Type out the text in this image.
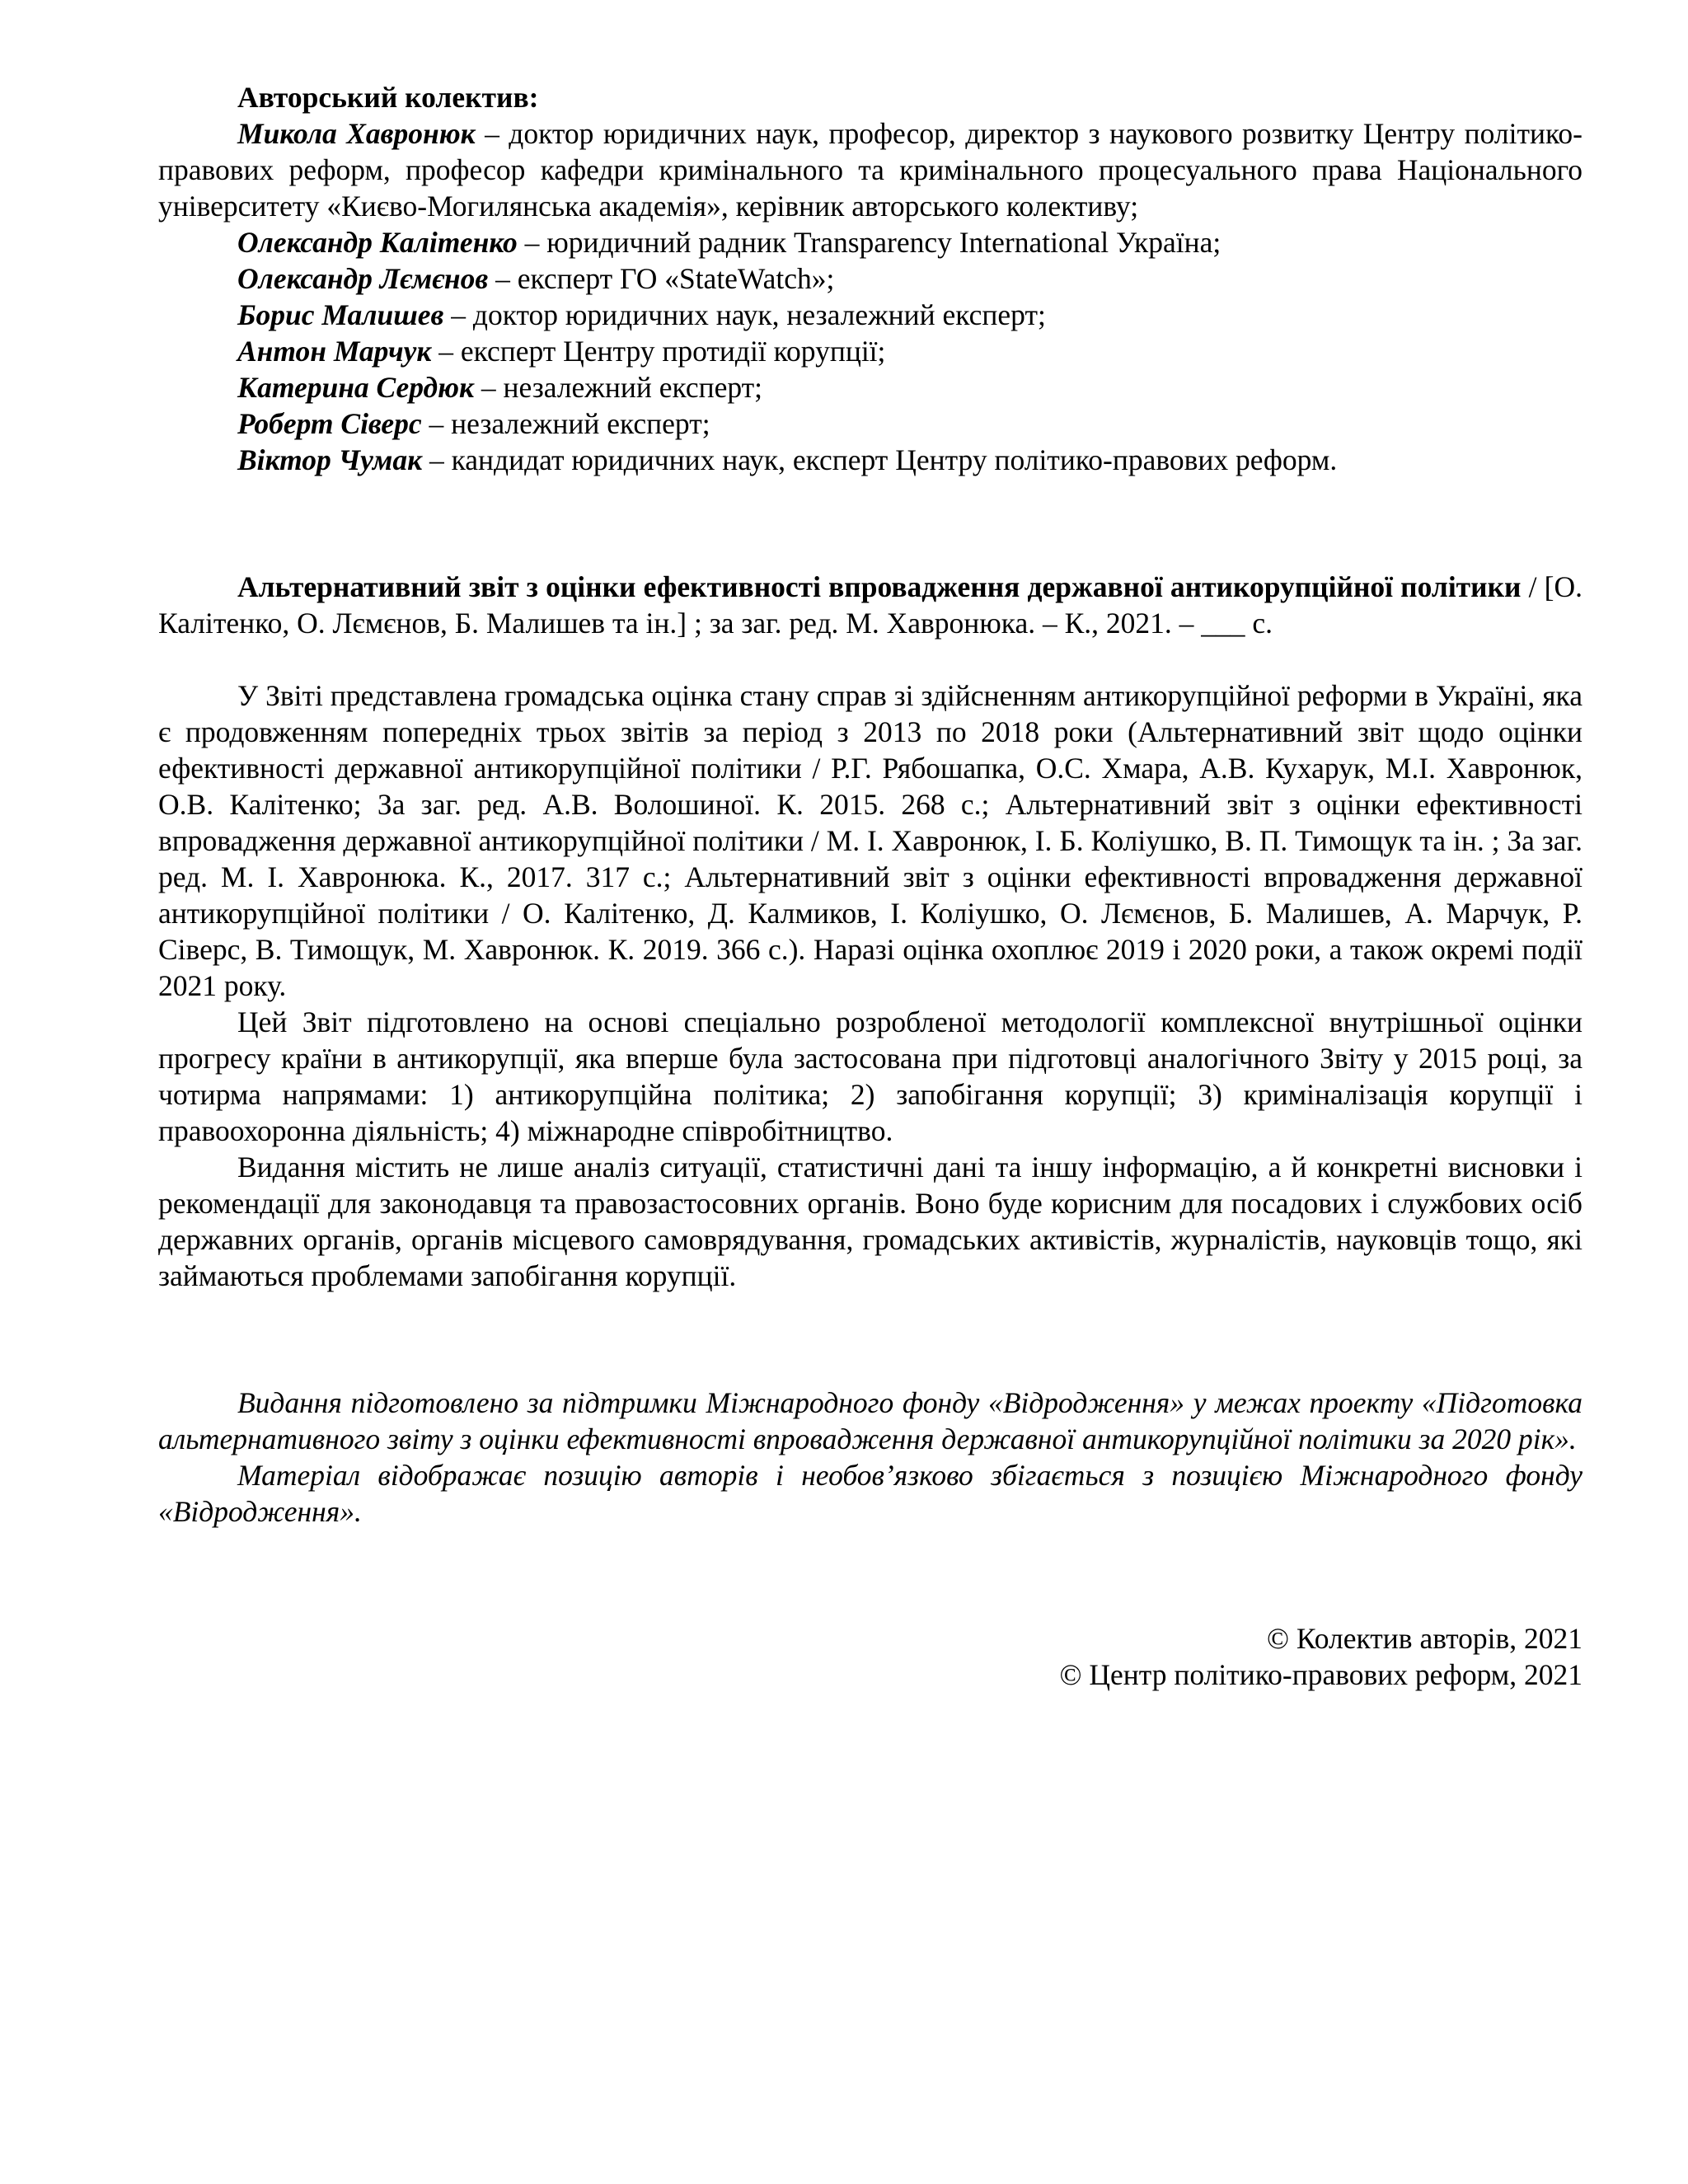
Авторський колектив:

Микола Хавронюк – доктор юридичних наук, професор, директор з наукового розвитку Центру політико-правових реформ, професор кафедри кримінального та кримінального процесуального права Національного університету «Києво-Могилянська академія», керівник авторського колективу;

Олександр Калітенко – юридичний радник Transparency International Україна;

Олександр Лємєнов – експерт ГО «StateWatch»;

Борис Малишев – доктор юридичних наук, незалежний експерт;

Антон Марчук – експерт Центру протидії корупції;

Катерина Сердюк – незалежний експерт;

Роберт Сіверс – незалежний експерт;

Віктор Чумак – кандидат юридичних наук, експерт Центру політико-правових реформ.

Альтернативний звіт з оцінки ефективності впровадження державної антикорупційної політики / [О. Калітенко, О. Лємєнов, Б. Малишев та ін.] ; за заг. ред. М. Хавронюка. – К., 2021. – ___ с.

У Звіті представлена громадська оцінка стану справ зі здійсненням антикорупційної реформи в Україні, яка є продовженням попередніх трьох звітів за період з 2013 по 2018 роки (Альтернативний звіт щодо оцінки ефективності державної антикорупційної політики / Р.Г. Рябошапка, О.С. Хмара, А.В. Кухарук, М.І. Хавронюк, О.В. Калітенко; За заг. ред. А.В. Волошиної. К. 2015. 268 с.; Альтернативний звіт з оцінки ефективності впровадження державної антикорупційної політики / М. І. Хавронюк, І. Б. Коліушко, В. П. Тимощук та ін. ; За заг. ред. М. І. Хавронюка. К., 2017. 317 с.; Альтернативний звіт з оцінки ефективності впровадження державної антикорупційної політики / О. Калітенко, Д. Калмиков, І. Коліушко, О. Лємєнов, Б. Малишев, А. Марчук, Р. Сіверс, В. Тимощук, М. Хавронюк. К. 2019. 366 с.). Наразі оцінка охоплює 2019 і 2020 роки, а також окремі події 2021 року.

Цей Звіт підготовлено на основі спеціально розробленої методології комплексної внутрішньої оцінки прогресу країни в антикорупції, яка вперше була застосована при підготовці аналогічного Звіту у 2015 році, за чотирма напрямами: 1) антикорупційна політика; 2) запобігання корупції; 3) криміналізація корупції і правоохоронна діяльність; 4) міжнародне співробітництво.

Видання містить не лише аналіз ситуації, статистичні дані та іншу інформацію, а й конкретні висновки і рекомендації для законодавця та правозастосовних органів. Воно буде корисним для посадових і службових осіб державних органів, органів місцевого самоврядування, громадських активістів, журналістів, науковців тощо, які займаються проблемами запобігання корупції.

Видання підготовлено за підтримки Міжнародного фонду «Відродження» у межах проекту «Підготовка альтернативного звіту з оцінки ефективності впровадження державної антикорупційної політики за 2020 рік».

Матеріал відображає позицію авторів і необов’язково збігається з позицією Міжнародного фонду «Відродження».

© Колектив авторів, 2021

© Центр політико-правових реформ, 2021
